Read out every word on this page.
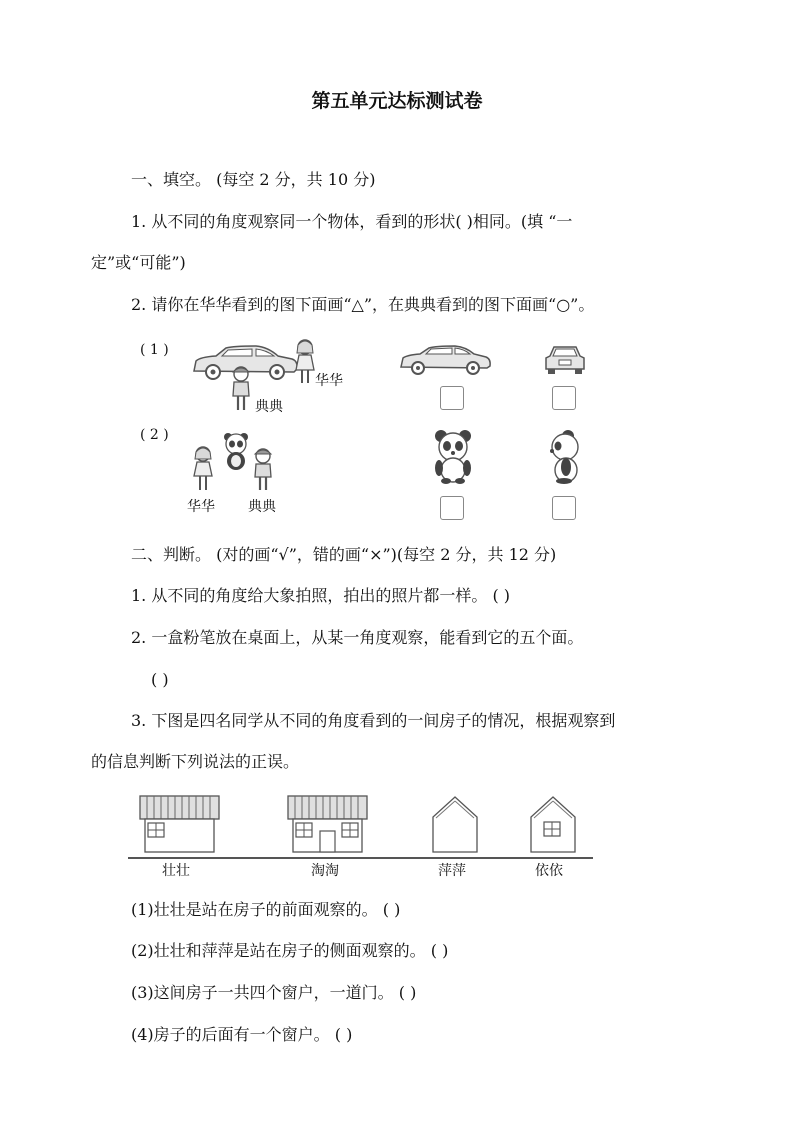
第五单元达标测试卷
一、填空。 (每空 2 分，共 10 分)
1. 从不同的角度观察同一个物体，看到的形状( )相同。(填 “一
定”或“可能”)
2. 请你在华华看到的图下面画“△”，在典典看到的图下面画“○”。
( 1 )
华华
典典
( 2 )
华华 典典
二、判断。 (对的画“√”，错的画“×”)(每空 2 分，共 12 分)
1. 从不同的角度给大象拍照，拍出的照片都一样。 ( )
2. 一盒粉笔放在桌面上，从某一角度观察，能看到它的五个面。
( )
3. 下图是四名同学从不同的角度看到的一间房子的情况，根据观察到
的信息判断下列说法的正误。
壮壮	淘淘	萍萍	依依
(1)壮壮是站在房子的前面观察的。 ( )
(2)壮壮和萍萍是站在房子的侧面观察的。 ( )
(3)这间房子一共四个窗户，一道门。 ( )
(4)房子的后面有一个窗户。 ( )
